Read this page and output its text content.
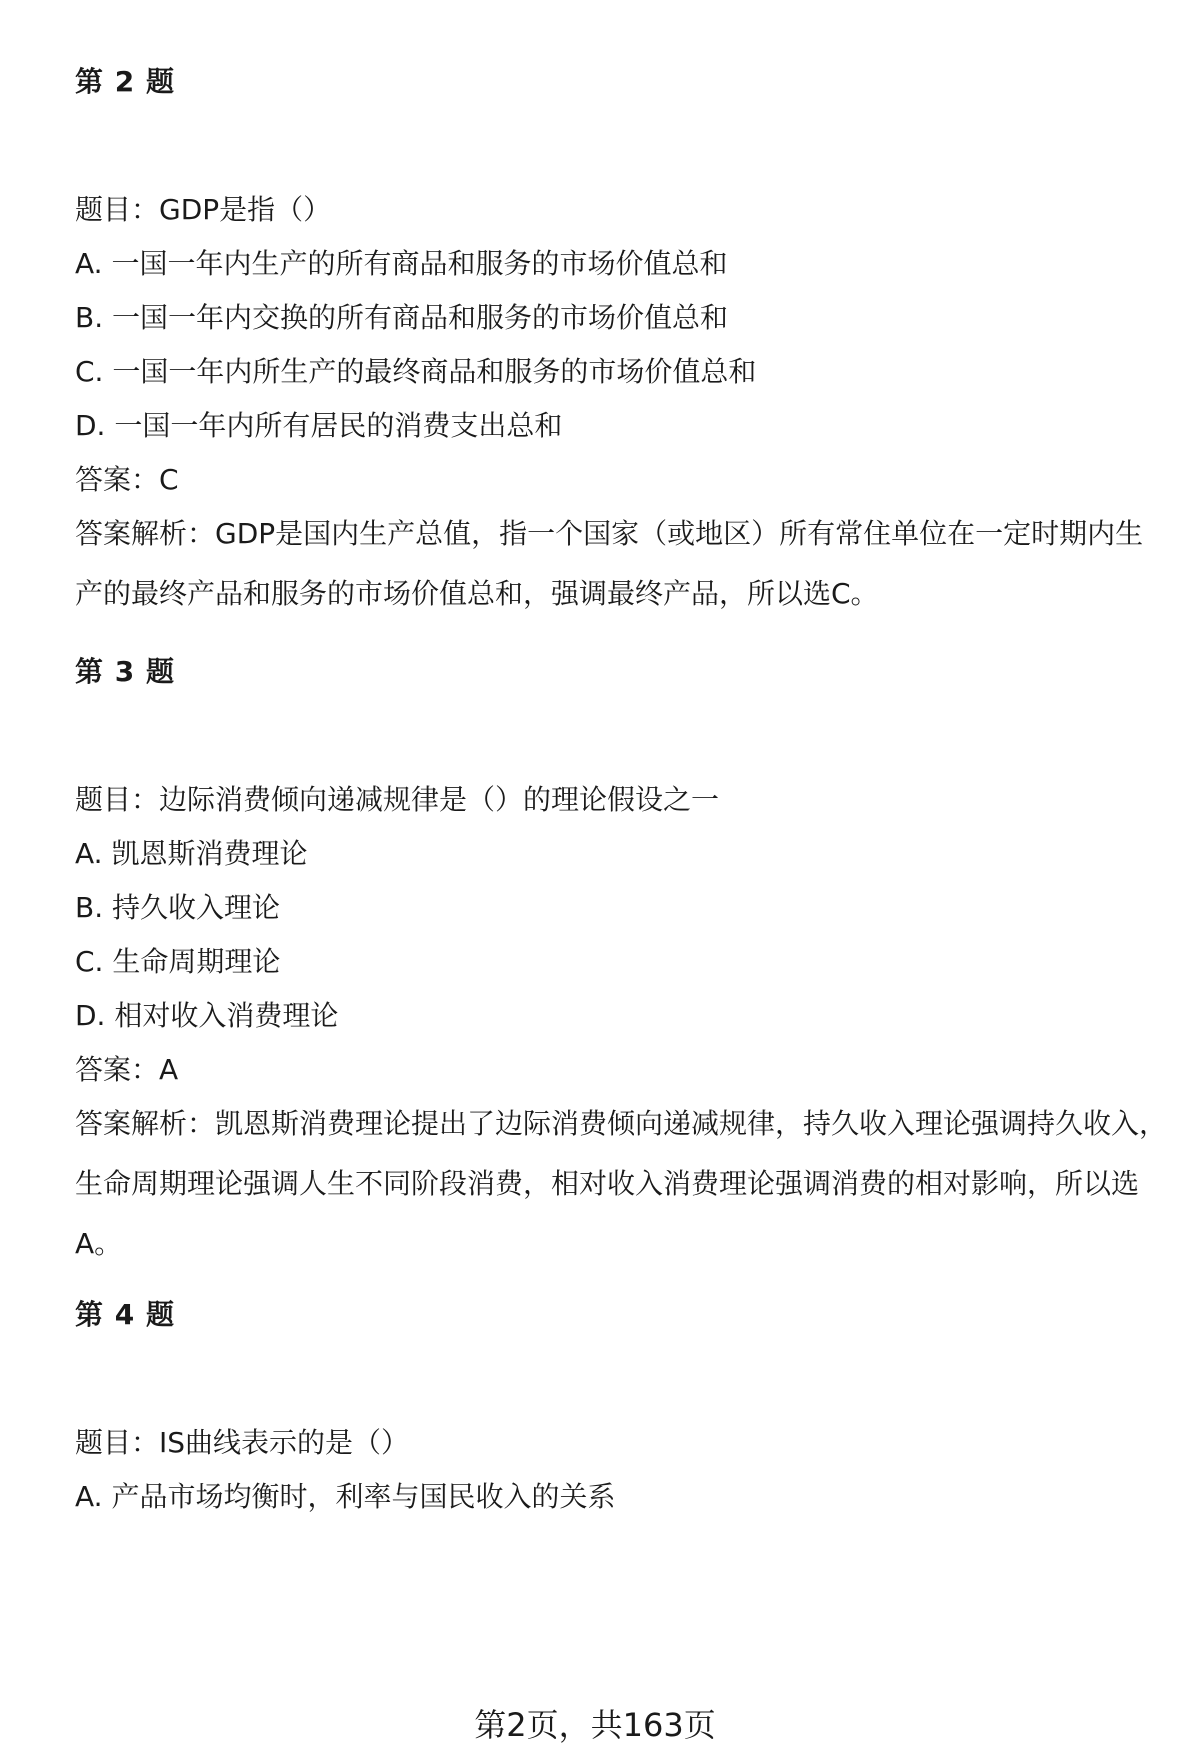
第 2 题
题目：GDP是指（）
A. 一国一年内生产的所有商品和服务的市场价值总和
B. 一国一年内交换的所有商品和服务的市场价值总和
C. 一国一年内所生产的最终商品和服务的市场价值总和
D. 一国一年内所有居民的消费支出总和
答案：C
答案解析：GDP是国内生产总值，指一个国家（或地区）所有常住单位在一定时期内生产的最终产品和服务的市场价值总和，强调最终产品，所以选C。
第 3 题
题目：边际消费倾向递减规律是（）的理论假设之一
A. 凯恩斯消费理论
B. 持久收入理论
C. 生命周期理论
D. 相对收入消费理论
答案：A
答案解析：凯恩斯消费理论提出了边际消费倾向递减规律，持久收入理论强调持久收入，生命周期理论强调人生不同阶段消费，相对收入消费理论强调消费的相对影响，所以选A。
第 4 题
题目：IS曲线表示的是（）
A. 产品市场均衡时，利率与国民收入的关系
第2页，共163页
